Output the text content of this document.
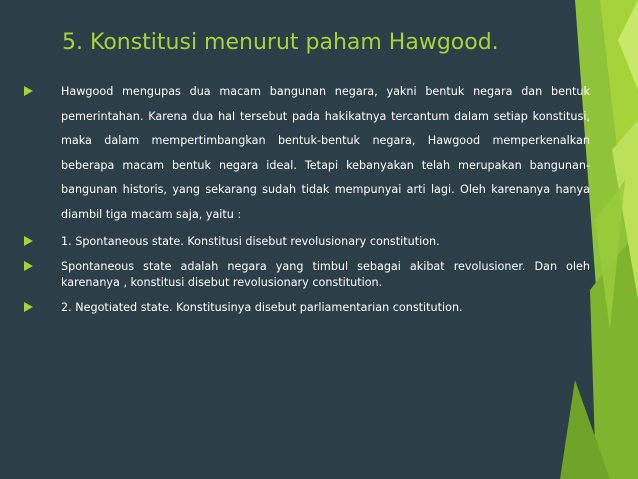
5. Konstitusi menurut paham Hawgood.
Hawgood mengupas dua macam bangunan negara, yakni bentuk negara dan bentuk pemerintahan. Karena dua hal tersebut pada hakikatnya tercantum dalam setiap konstitusi, maka dalam mempertimbangkan bentuk-bentuk negara, Hawgood memperkenalkan beberapa macam bentuk negara ideal. Tetapi kebanyakan telah merupakan bangunan-bangunan historis, yang sekarang sudah tidak mempunyai arti lagi. Oleh karenanya hanya diambil tiga macam saja, yaitu :
1. Spontaneous state. Konstitusi disebut revolusionary constitution.
Spontaneous state adalah negara yang timbul sebagai akibat revolusioner. Dan oleh karenanya , konstitusi disebut revolusionary constitution.
2. Negotiated state. Konstitusinya disebut parliamentarian constitution.
